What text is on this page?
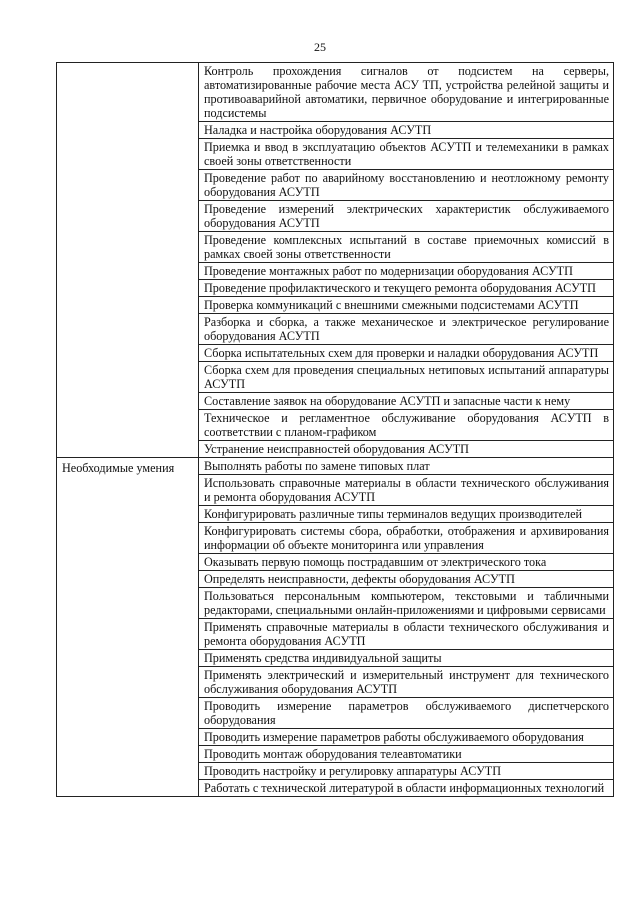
25
	Контроль прохождения сигналов от подсистем на серверы, автоматизированные рабочие места АСУ ТП, устройства релейной защиты и противоаварийной автоматики, первичное оборудование и интегрированные подсистемы
	Наладка и настройка оборудования АСУТП
	Приемка и ввод в эксплуатацию объектов АСУТП и телемеханики в рамках своей зоны ответственности
	Проведение работ по аварийному восстановлению и неотложному ремонту оборудования АСУТП
	Проведение измерений электрических характеристик обслуживаемого оборудования АСУТП
	Проведение комплексных испытаний в составе приемочных комиссий в рамках своей зоны ответственности
	Проведение монтажных работ по модернизации оборудования АСУТП
	Проведение профилактического и текущего ремонта оборудования АСУТП
	Проверка коммуникаций с внешними смежными подсистемами АСУТП
	Разборка и сборка, а также механическое и электрическое регулирование оборудования АСУТП
	Сборка испытательных схем для проверки и наладки оборудования АСУТП
	Сборка схем для проведения специальных нетиповых испытаний аппаратуры АСУТП
	Составление заявок на оборудование АСУТП и запасные части к нему
	Техническое и регламентное обслуживание оборудования АСУТП в соответствии с планом-графиком
	Устранение неисправностей оборудования АСУТП
Необходимые умения	Выполнять работы по замене типовых плат
	Использовать справочные материалы в области технического обслуживания и ремонта оборудования АСУТП
	Конфигурировать различные типы терминалов ведущих производителей
	Конфигурировать системы сбора, обработки, отображения и архивирования информации об объекте мониторинга или управления
	Оказывать первую помощь пострадавшим от электрического тока
	Определять неисправности, дефекты оборудования АСУТП
	Пользоваться персональным компьютером, текстовыми и табличными редакторами, специальными онлайн-приложениями и цифровыми сервисами
	Применять справочные материалы в области технического обслуживания и ремонта оборудования АСУТП
	Применять средства индивидуальной защиты
	Применять электрический и измерительный инструмент для технического обслуживания оборудования АСУТП
	Проводить измерение параметров обслуживаемого диспетчерского оборудования
	Проводить измерение параметров работы обслуживаемого оборудования
	Проводить монтаж оборудования телеавтоматики
	Проводить настройку и регулировку аппаратуры АСУТП
	Работать с технической литературой в области информационных технологий
